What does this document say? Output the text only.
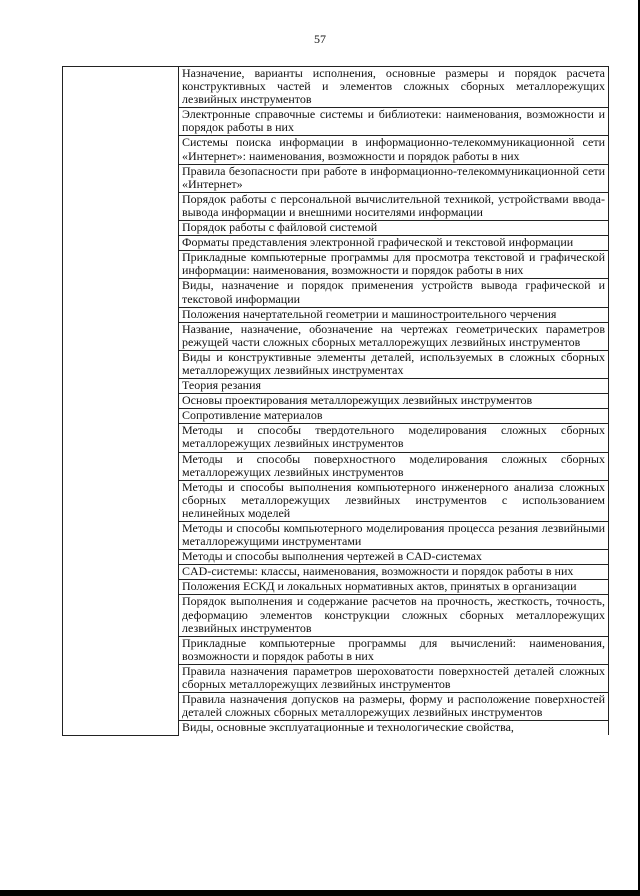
57
	Назначение, варианты исполнения, основные размеры и порядок расчета конструктивных частей и элементов сложных сборных металлорежущих лезвийных инструментов
Электронные справочные системы и библиотеки: наименования, возможности и порядок работы в них
Системы поиска информации в информационно-телекоммуникационной сети «Интернет»: наименования, возможности и порядок работы в них
Правила безопасности при работе в информационно-телекоммуникационной сети «Интернет»
Порядок работы с персональной вычислительной техникой, устройствами ввода-вывода информации и внешними носителями информации
Порядок работы с файловой системой
Форматы представления электронной графической и текстовой информации
Прикладные компьютерные программы для просмотра текстовой и графической информации: наименования, возможности и порядок работы в них
Виды, назначение и порядок применения устройств вывода графической и текстовой информации
Положения начертательной геометрии и машиностроительного черчения
Название, назначение, обозначение на чертежах геометрических параметров режущей части сложных сборных металлорежущих лезвийных инструментов
Виды и конструктивные элементы деталей, используемых в сложных сборных металлорежущих лезвийных инструментах
Теория резания
Основы проектирования металлорежущих лезвийных инструментов
Сопротивление материалов
Методы и способы твердотельного моделирования сложных сборных металлорежущих лезвийных инструментов
Методы и способы поверхностного моделирования сложных сборных металлорежущих лезвийных инструментов
Методы и способы выполнения компьютерного инженерного анализа сложных сборных металлорежущих лезвийных инструментов с использованием нелинейных моделей
Методы и способы компьютерного моделирования процесса резания лезвийными металлорежущими инструментами
Методы и способы выполнения чертежей в CAD-системах
CAD-системы: классы, наименования, возможности и порядок работы в них
Положения ЕСКД и локальных нормативных актов, принятых в организации
Порядок выполнения и содержание расчетов на прочность, жесткость, точность, деформацию элементов конструкции сложных сборных металлорежущих лезвийных инструментов
Прикладные компьютерные программы для вычислений: наименования, возможности и порядок работы в них
Правила назначения параметров шероховатости поверхностей деталей сложных сборных металлорежущих лезвийных инструментов
Правила назначения допусков на размеры, форму и расположение поверхностей деталей сложных сборных металлорежущих лезвийных инструментов
Виды, основные эксплуатационные и технологические свойства,
